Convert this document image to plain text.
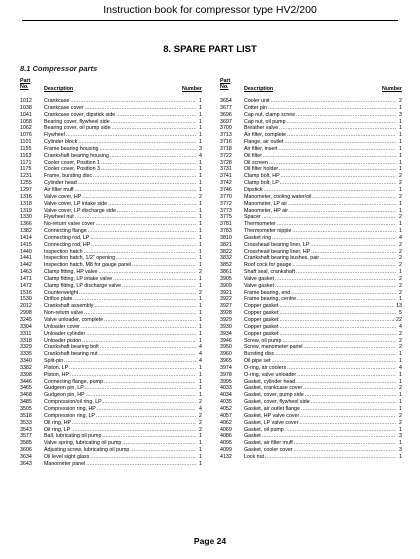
Instruction book for compressor type HV2/200
8. SPARE PART LIST
8.1 Compressor parts
Part
No.	Description	Number
1012	Crankcase .....	1
1038	Crankcase cover .....	1
1041	Crankcase cover, dipstick side .....	1
1058	Bearing cover, flywheel side .....	1
1062	Bearing cover, oil pump side .....	1
1076	Flywheel .....	1
1101	Cylinder block .....	1
1155	Frame bearing housing .....	3
1163	Crankshaft bearing housing .....	4
1171	Cooler cover, Position 1 .....	1
1175	Cooler cover, Position 3 .....	1
1231	Frame, bursting disc .....	1
1255	Cylinder head .....	1
1297	Air filter muff .....	1
1316	Valve cover, HP .....	2
1318	Valve cover, LP intake side .....	1
1319	Valve cover, LP discharge side .....	1
1330	Flywheel nut .....	1
1366	No-return valve cover .....	1
1382	Connecting flange .....	1
1414	Connecting rod, LP .....	1
1415	Connecting rod, HP .....	1
1440	Inspection hatch .....	1
1441	Inspection hatch, 1/2" opening .....	1
1442	Inspection hatch, M8 for gauge panel .....	1
1463	Clamp fitting, HP valve .....	2
1471	Clamp fitting, LP intake valve .....	1
1472	Clamp fitting, LP discharge valve .....	1
1516	Counterweight .....	2
1530	Orifice plate .....	1
2012	Crankshaft assembly .....	1
2998	Non-return valve .....	1
3245	Valve unloader, complete .....	1
3304	Unloader cover .....	1
3311	Unloader cylinder .....	1
3318	Unloader piston .....	1
3329	Crankshaft bearing bolt .....	4
3335	Crankshaft bearing nut .....	4
3340	Split-pin .....	4
3382	Piston, LP .....	1
3398	Piston, HP .....	1
3446	Connecting flange, pump .....	1
3465	Gudgeon pin, LP .....	1
3468	Gudgeon pin, HP .....	1
3485	Compression/oil ring, LP .....	2
3505	Compression ring, HP .....	4
3518	Compression ring, LP .....	2
3533	Oil ring, HP .....	2
3543	Oil ring, LP .....	2
3577	Ball, lubricating oil pump .....	1
3585	Valve spring, lubricating oil pump .....	1
3606	Adjusting screw, lubricating oil pump .....	1
3634	Oil level sight glass .....	1
3643	Manometer panel .....	1
Part
No.	Description	Number
3654	Cooler unit .....	2
3677	Cotter pin .....	1
3696	Cap nut, clamp screw .....	3
3697	Cap nut, oil pump .....	1
3700	Breather valve .....	1
3713	Air filter, complete .....	1
3716	Flange, air outlet .....	1
3718	Air filter, insert .....	1
3722	Oil filter .....	1
3728	Oil screen .....	1
3731	Oil filter holder .....	1
3741	Clamp bolt, HP .....	2
3742	Clamp bolt, LP .....	2
3746	Dipstick .....	1
3770	Manometer, cooling water/oil .....	2
3772	Manometer, LP air .....	1
3773	Manometer, HP air .....	1
3775	Spacer .....	2
3781	Thermometer .....	1
3783	Thermometer nipple .....	1
3810	Gasket ring .....	4
3821	Crosshead bearing liner, LP .....	2
3822	Crosshead bearing liner, HP .....	2
3832	Crankshaft bearing bushes, pair .....	2
3852	Roof cock for gauge .....	2
3861	Shaft seal, crankshaft .....	1
3905	Valve gasket .....	2
3909	Valve gasket .....	2
3921	Frame bearing, end .....	2
3922	Frame bearing, centre .....	1
3927	Copper gasket .....	13
3928	Copper gasket .....	5
3929	Copper gasket .....	22
3930	Copper gasket .....	4
3934	Copper gasket .....	2
3946	Screw, oil pump .....	2
3950	Screw, manometer panel .....	2
3960	Bursting disc .....	1
3965	Oil pipe set .....	1
3974	O-ring, air coolers .....	4
3978	O-ring, valve unloader .....	1
3995	Gasket, cylinder head .....	1
4033	Gasket, crankcase cover .....	2
4034	Gasket, cover, pump side .....	1
4035	Gasket, cover, flywheel side .....	1
4052	Gasket, air outlet flange .....	1
4057	Gasket, HP valve cover .....	2
4062	Gasket, LP valve cover .....	2
4069	Gasket, oil pump .....	1
4086	Gasket .....	3
4095	Gasket, air filter muff .....	1
4099	Gasket, cooler cover .....	3
4132	Lock nut .....	1
Page 24
